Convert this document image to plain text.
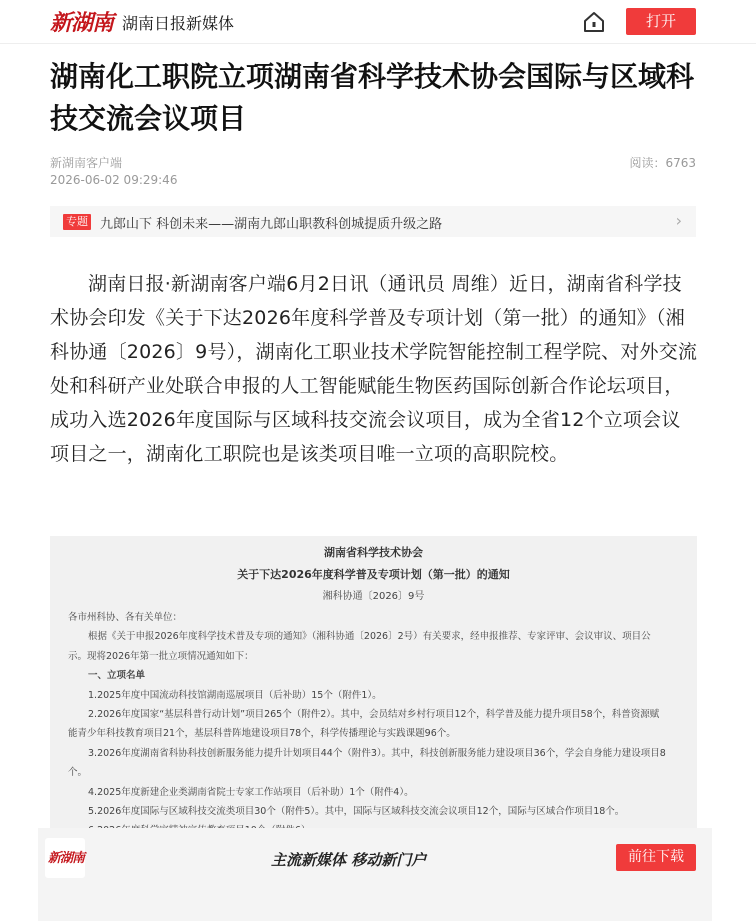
新湖南 湖南日报新媒体	打开
湖南化工职院立项湖南省科学技术协会国际与区域科技交流会议项目
新湖南客户端
2026-06-02 09:29:46
阅读：6763
专题 九郎山下 科创未来——湖南九郎山职教科创城提质升级之路	›

湖南日报·新湖南客户端6月2日讯（通讯员 周维）近日，湖南省科学技术协会印发《关于下达2026年度科学普及专项计划（第一批）的通知》（湘科协通〔2026〕9号），湖南化工职业技术学院智能控制工程学院、对外交流处和科研产业处联合申报的人工智能赋能生物医药国际创新合作论坛项目，成功入选2026年度国际与区域科技交流会议项目，成为全省12个立项会议项目之一，湖南化工职院也是该类项目唯一立项的高职院校。

湖南省科学技术协会
关于下达2026年度科学普及专项计划（第一批）的通知
湘科协通〔2026〕9号
各市州科协、各有关单位：
根据《关于申报2026年度科学技术普及专项的通知》（湘科协通〔2026〕2号）有关要求，经申报推荐、专家评审、会议审议、项目公
示。现将2026年第一批立项情况通知如下：
一、立项名单
1.2025年度中国流动科技馆湖南巡展项目（后补助）15个（附件1）。
2.2026年度国家“基层科普行动计划”项目265个（附件2）。其中，会员结对乡村行项目12个，科学普及能力提升项目58个，科普资源赋
能青少年科技教育项目21个，基层科普阵地建设项目78个，科学传播理论与实践课题96个。
3.2026年度湖南省科协科技创新服务能力提升计划项目44个（附件3）。其中，科技创新服务能力建设项目36个，学会自身能力建设项目8
个。
4.2025年度新建企业类湖南省院士专家工作站项目（后补助）1个（附件4）。
5.2026年度国际与区域科技交流类项目30个（附件5）。其中，国际与区域科技交流会议项目12个，国际与区域合作项目18个。
新湖南	主流新媒体 移动新门户	前往下载
